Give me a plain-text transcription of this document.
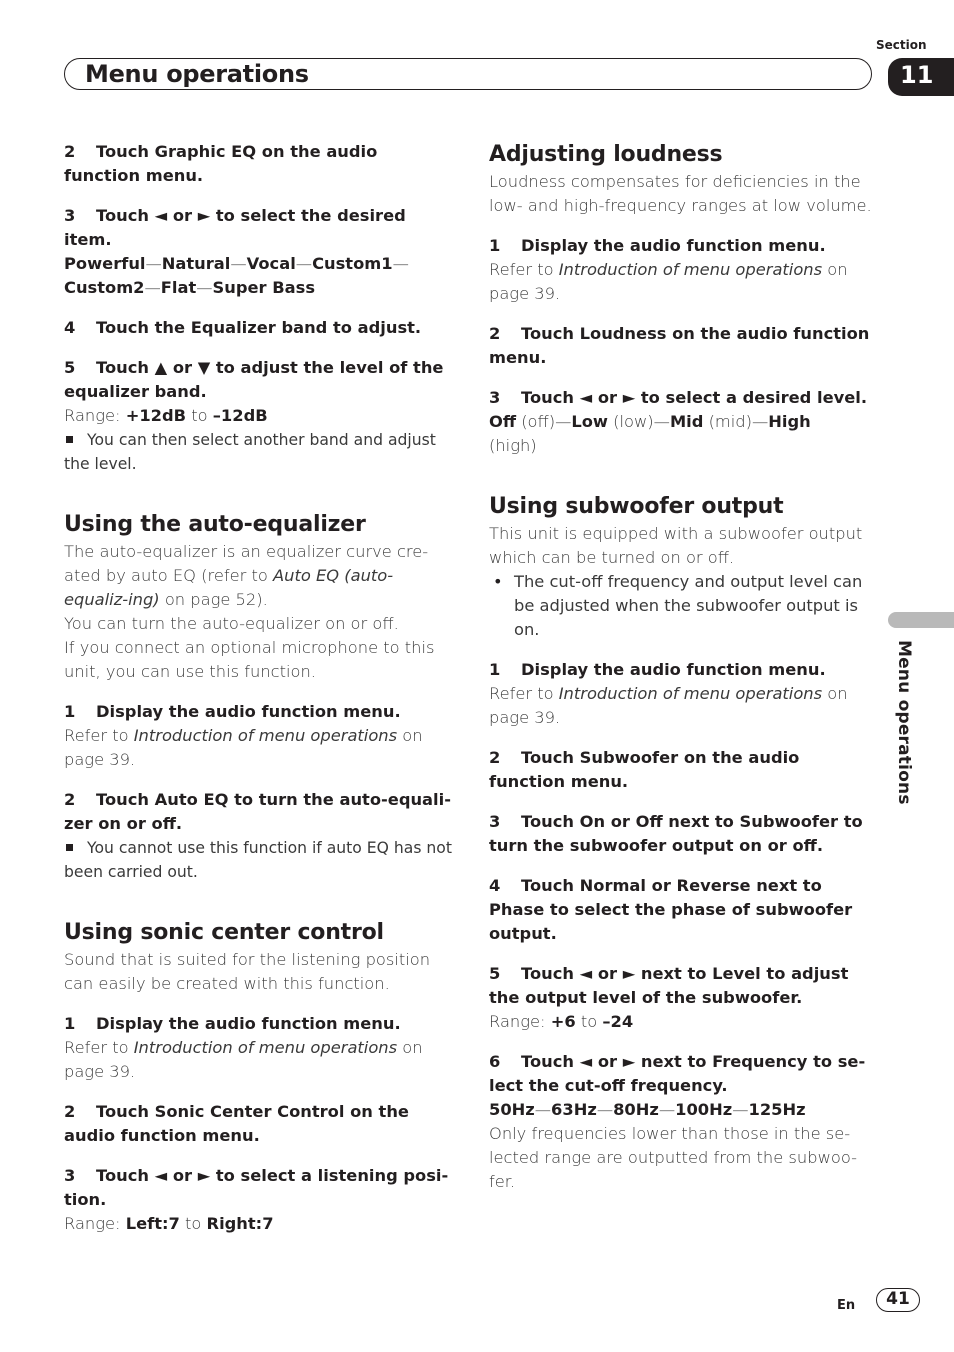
Section
Menu operations	11
Menu operations

2 Touch Graphic EQ on the audio function menu.

3 Touch ◄ or ► to select the desired item.

Powerful—Natural—Vocal—Custom1—
Custom2—Flat—Super Bass

4 Touch the Equalizer band to adjust.

5 Touch ▲ or ▼ to adjust the level of the equalizer band.

Range: +12dB to –12dB

You can then select another band and adjust the level.

Using the auto-equalizer

The auto-equalizer is an equalizer curve cre-ated by auto EQ (refer to Auto EQ (auto-equaliz-ing) on page 52).

You can turn the auto-equalizer on or off.

If you connect an optional microphone to this unit, you can use this function.

1 Display the audio function menu.

Refer to Introduction of menu operations on page 39.

2 Touch Auto EQ to turn the auto-equali-zer on or off.

You cannot use this function if auto EQ has not been carried out.

Using sonic center control

Sound that is suited for the listening position can easily be created with this function.

1 Display the audio function menu.

Refer to Introduction of menu operations on page 39.

2 Touch Sonic Center Control on the audio function menu.

3 Touch ◄ or ► to select a listening posi-tion.

Range: Left:7 to Right:7

Adjusting loudness

Loudness compensates for deficiencies in the low- and high-frequency ranges at low volume.

1 Display the audio function menu.

Refer to Introduction of menu operations on page 39.

2 Touch Loudness on the audio function menu.

3 Touch ◄ or ► to select a desired level.

Off (off)—Low (low)—Mid (mid)—High
(high)

Using subwoofer output

This unit is equipped with a subwoofer output which can be turned on or off.

• The cut-off frequency and output level can be adjusted when the subwoofer output is on.

1 Display the audio function menu.

Refer to Introduction of menu operations on page 39.

2 Touch Subwoofer on the audio function menu.

3 Touch On or Off next to Subwoofer to turn the subwoofer output on or off.

4 Touch Normal or Reverse next to Phase to select the phase of subwoofer output.

5 Touch ◄ or ► next to Level to adjust the output level of the subwoofer.

Range: +6 to –24

6 Touch ◄ or ► next to Frequency to se-lect the cut-off frequency.

50Hz—63Hz—80Hz—100Hz—125Hz

Only frequencies lower than those in the se-lected range are outputted from the subwoo-fer.

En	41
